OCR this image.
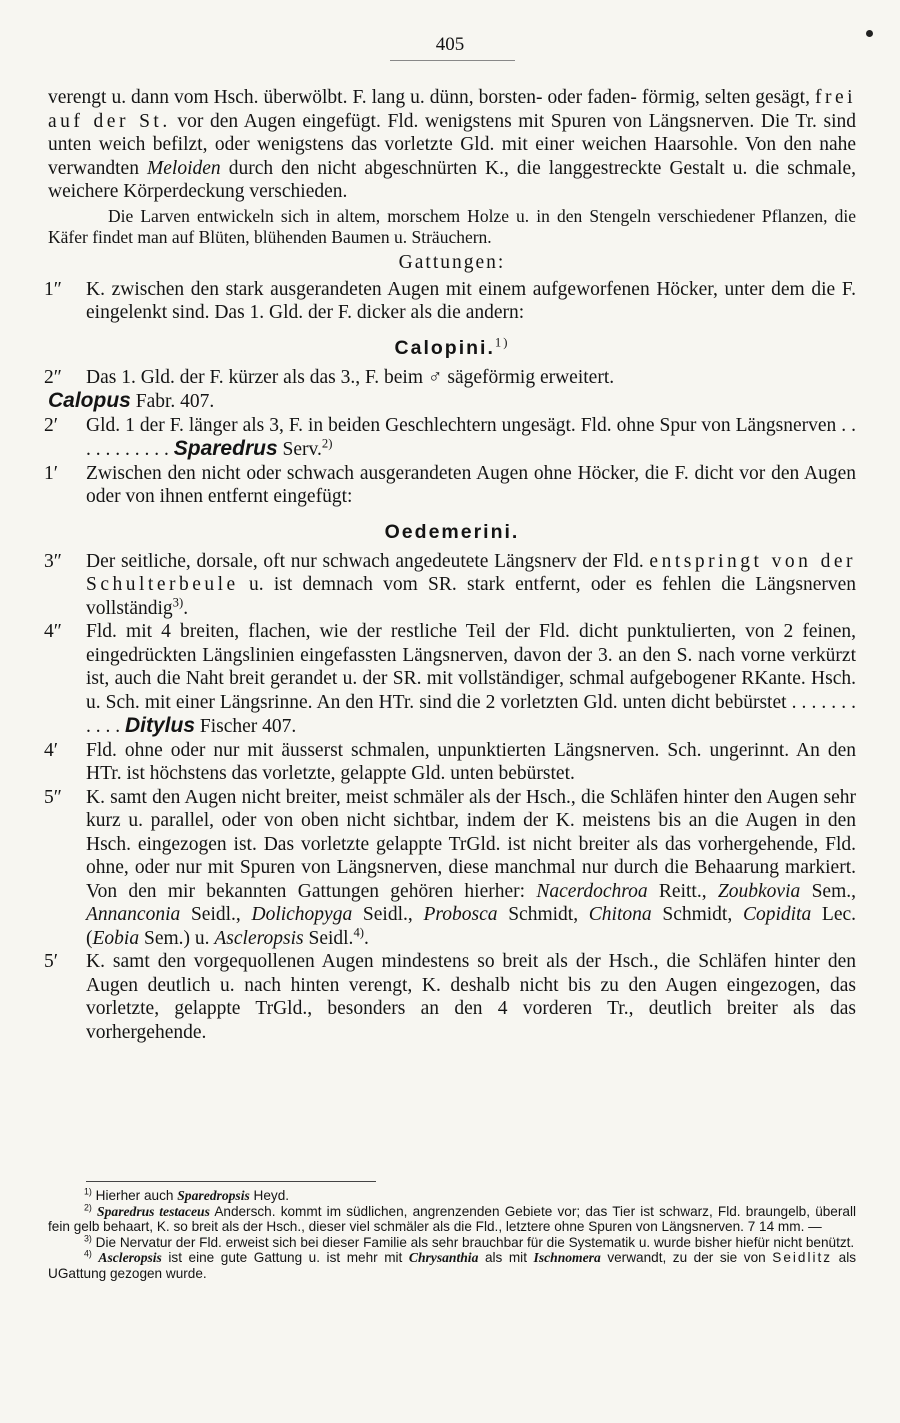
405

verengt u. dann vom Hsch. überwölbt. F. lang u. dünn, borsten- oder faden- förmig, selten gesägt, frei auf der St. vor den Augen eingefügt. Fld. wenigstens mit Spuren von Längsnerven. Die Tr. sind unten weich befilzt, oder wenigstens das vorletzte Gld. mit einer weichen Haarsohle. Von den nahe verwandten Meloiden durch den nicht abgeschnürten K., die langgestreckte Gestalt u. die schmale, weichere Körperdeckung verschieden.

Die Larven entwickeln sich in altem, morschem Holze u. in den Stengeln verschiedener Pflanzen, die Käfer findet man auf Blüten, blühenden Baumen u. Sträuchern.

Gattungen:

1″ K. zwischen den stark ausgerandeten Augen mit einem aufgeworfenen Höcker, unter dem die F. eingelenkt sind. Das 1. Gld. der F. dicker als die andern:

Calopini.$^{1)}$

2″ Das 1. Gld. der F. kürzer als das 3., F. beim ♂ sägeförmig erweitert.

Calopus Fabr. 407.

2′ Gld. 1 der F. länger als 3, F. in beiden Geschlechtern ungesägt. Fld. ohne Spur von Längsnerven . . . . . . . . . . . Sparedrus Serv.$^{2)}$

1′ Zwischen den nicht oder schwach ausgerandeten Augen ohne Höcker, die F. dicht vor den Augen oder von ihnen entfernt eingefügt:

Oedemerini.

3″ Der seitliche, dorsale, oft nur schwach angedeutete Längsnerv der Fld. entspringt von der Schulterbeule u. ist demnach vom SR. stark entfernt, oder es fehlen die Längsnerven vollständig$^{3)}$.

4″ Fld. mit 4 breiten, flachen, wie der restliche Teil der Fld. dicht punktulierten, von 2 feinen, eingedrückten Längslinien eingefassten Längsnerven, davon der 3. an den S. nach vorne verkürzt ist, auch die Naht breit gerandet u. der SR. mit vollständiger, schmal aufgebogener RKante. Hsch. u. Sch. mit einer Längsrinne. An den HTr. sind die 2 vorletzten Gld. unten dicht bebürstet . . . . . . . . . . . Ditylus Fischer 407.

4′ Fld. ohne oder nur mit äusserst schmalen, unpunktierten Längsnerven. Sch. ungerinnt. An den HTr. ist höchstens das vorletzte, gelappte Gld. unten bebürstet.

5″ K. samt den Augen nicht breiter, meist schmäler als der Hsch., die Schläfen hinter den Augen sehr kurz u. parallel, oder von oben nicht sichtbar, indem der K. meistens bis an die Augen in den Hsch. eingezogen ist. Das vorletzte gelappte TrGld. ist nicht breiter als das vorhergehende, Fld. ohne, oder nur mit Spuren von Längsnerven, diese manchmal nur durch die Behaarung markiert. Von den mir bekannten Gattungen gehören hierher: Nacerdochroa Reitt., Zoubkovia Sem., Annanconia Seidl., Dolichopyga Seidl., Probosca Schmidt, Chitona Schmidt, Copidita Lec. (Eobia Sem.) u. Ascleropsis Seidl.$^{4)}$.

5′ K. samt den vorgequollenen Augen mindestens so breit als der Hsch., die Schläfen hinter den Augen deutlich u. nach hinten verengt, K. deshalb nicht bis zu den Augen eingezogen, das vorletzte, gelappte TrGld., besonders an den 4 vorderen Tr., deutlich breiter als das vorhergehende.

$^{1)}$ Hierher auch Sparedropsis Heyd.

$^{2)}$ Sparedrus testaceus Andersch. kommt im südlichen, angrenzenden Gebiete vor; das Tier ist schwarz, Fld. braungelb, überall fein gelb behaart, K. so breit als der Hsch., dieser viel schmäler als die Fld., letztere ohne Spuren von Längsnerven. 7 14 mm. —

$^{3)}$ Die Nervatur der Fld. erweist sich bei dieser Familie als sehr brauchbar für die Systematik u. wurde bisher hiefür nicht benützt.

$^{4)}$ Ascleropsis ist eine gute Gattung u. ist mehr mit Chrysanthia als mit Ischnomera verwandt, zu der sie von Seidlitz als UGattung gezogen wurde.
